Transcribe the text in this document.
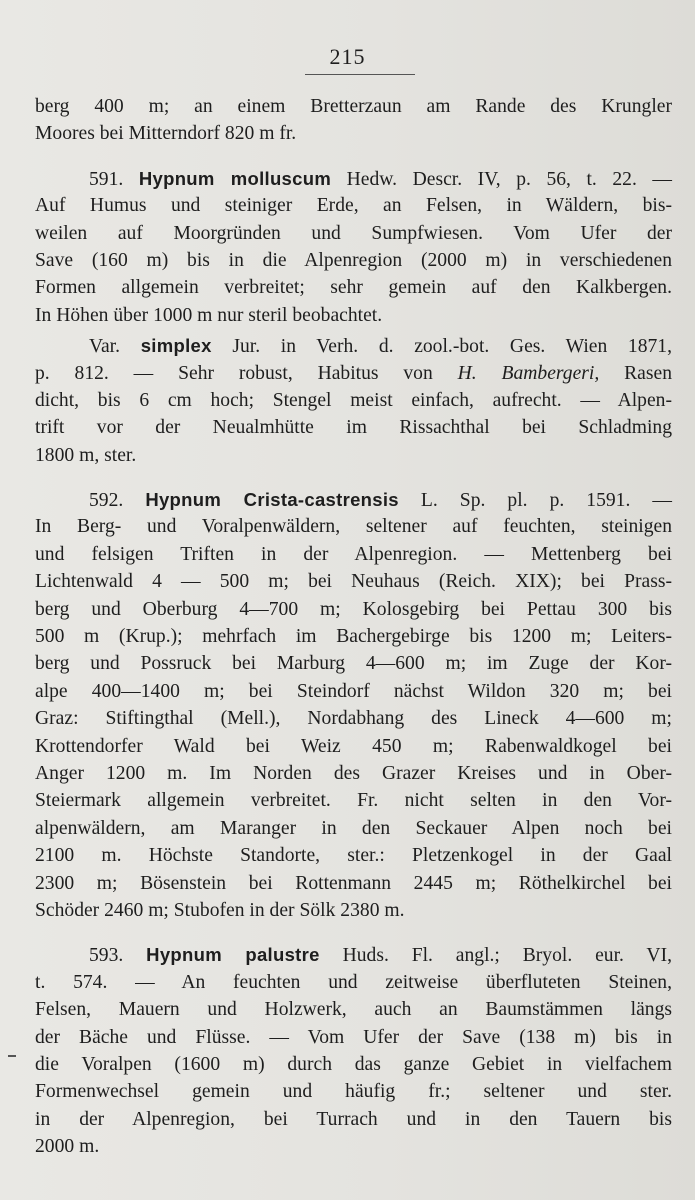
215
berg 400 m; an einem Bretterzaun am Rande des Krungler
Moores bei Mitterndorf 820 m fr.
591. Hypnum molluscum Hedw. Descr. IV, p. 56, t. 22. —
Auf Humus und steiniger Erde, an Felsen, in Wäldern, bis-
weilen auf Moorgründen und Sumpfwiesen. Vom Ufer der
Save (160 m) bis in die Alpenregion (2000 m) in verschiedenen
Formen allgemein verbreitet; sehr gemein auf den Kalkbergen.
In Höhen über 1000 m nur steril beobachtet.
Var. simplex Jur. in Verh. d. zool.-bot. Ges. Wien 1871,
p. 812. — Sehr robust, Habitus von H. Bambergeri, Rasen
dicht, bis 6 cm hoch; Stengel meist einfach, aufrecht. — Alpen-
trift vor der Neualmhütte im Rissachthal bei Schladming
1800 m, ster.
592. Hypnum Crista-castrensis L. Sp. pl. p. 1591. —
In Berg- und Voralpenwäldern, seltener auf feuchten, steinigen
und felsigen Triften in der Alpenregion. — Mettenberg bei
Lichtenwald 4 — 500 m; bei Neuhaus (Reich. XIX); bei Prass-
berg und Oberburg 4—700 m; Kolosgebirg bei Pettau 300 bis
500 m (Krup.); mehrfach im Bachergebirge bis 1200 m; Leiters-
berg und Possruck bei Marburg 4—600 m; im Zuge der Kor-
alpe 400—1400 m; bei Steindorf nächst Wildon 320 m; bei
Graz: Stiftingthal (Mell.), Nordabhang des Lineck 4—600 m;
Krottendorfer Wald bei Weiz 450 m; Rabenwaldkogel bei
Anger 1200 m. Im Norden des Grazer Kreises und in Ober-
Steiermark allgemein verbreitet. Fr. nicht selten in den Vor-
alpenwäldern, am Maranger in den Seckauer Alpen noch bei
2100 m. Höchste Standorte, ster.: Pletzenkogel in der Gaal
2300 m; Bösenstein bei Rottenmann 2445 m; Röthelkirchel bei
Schöder 2460 m; Stubofen in der Sölk 2380 m.
593. Hypnum palustre Huds. Fl. angl.; Bryol. eur. VI,
t. 574. — An feuchten und zeitweise überfluteten Steinen,
Felsen, Mauern und Holzwerk, auch an Baumstämmen längs
der Bäche und Flüsse. — Vom Ufer der Save (138 m) bis in
die Voralpen (1600 m) durch das ganze Gebiet in vielfachem
Formenwechsel gemein und häufig fr.; seltener und ster.
in der Alpenregion, bei Turrach und in den Tauern bis
2000 m.
